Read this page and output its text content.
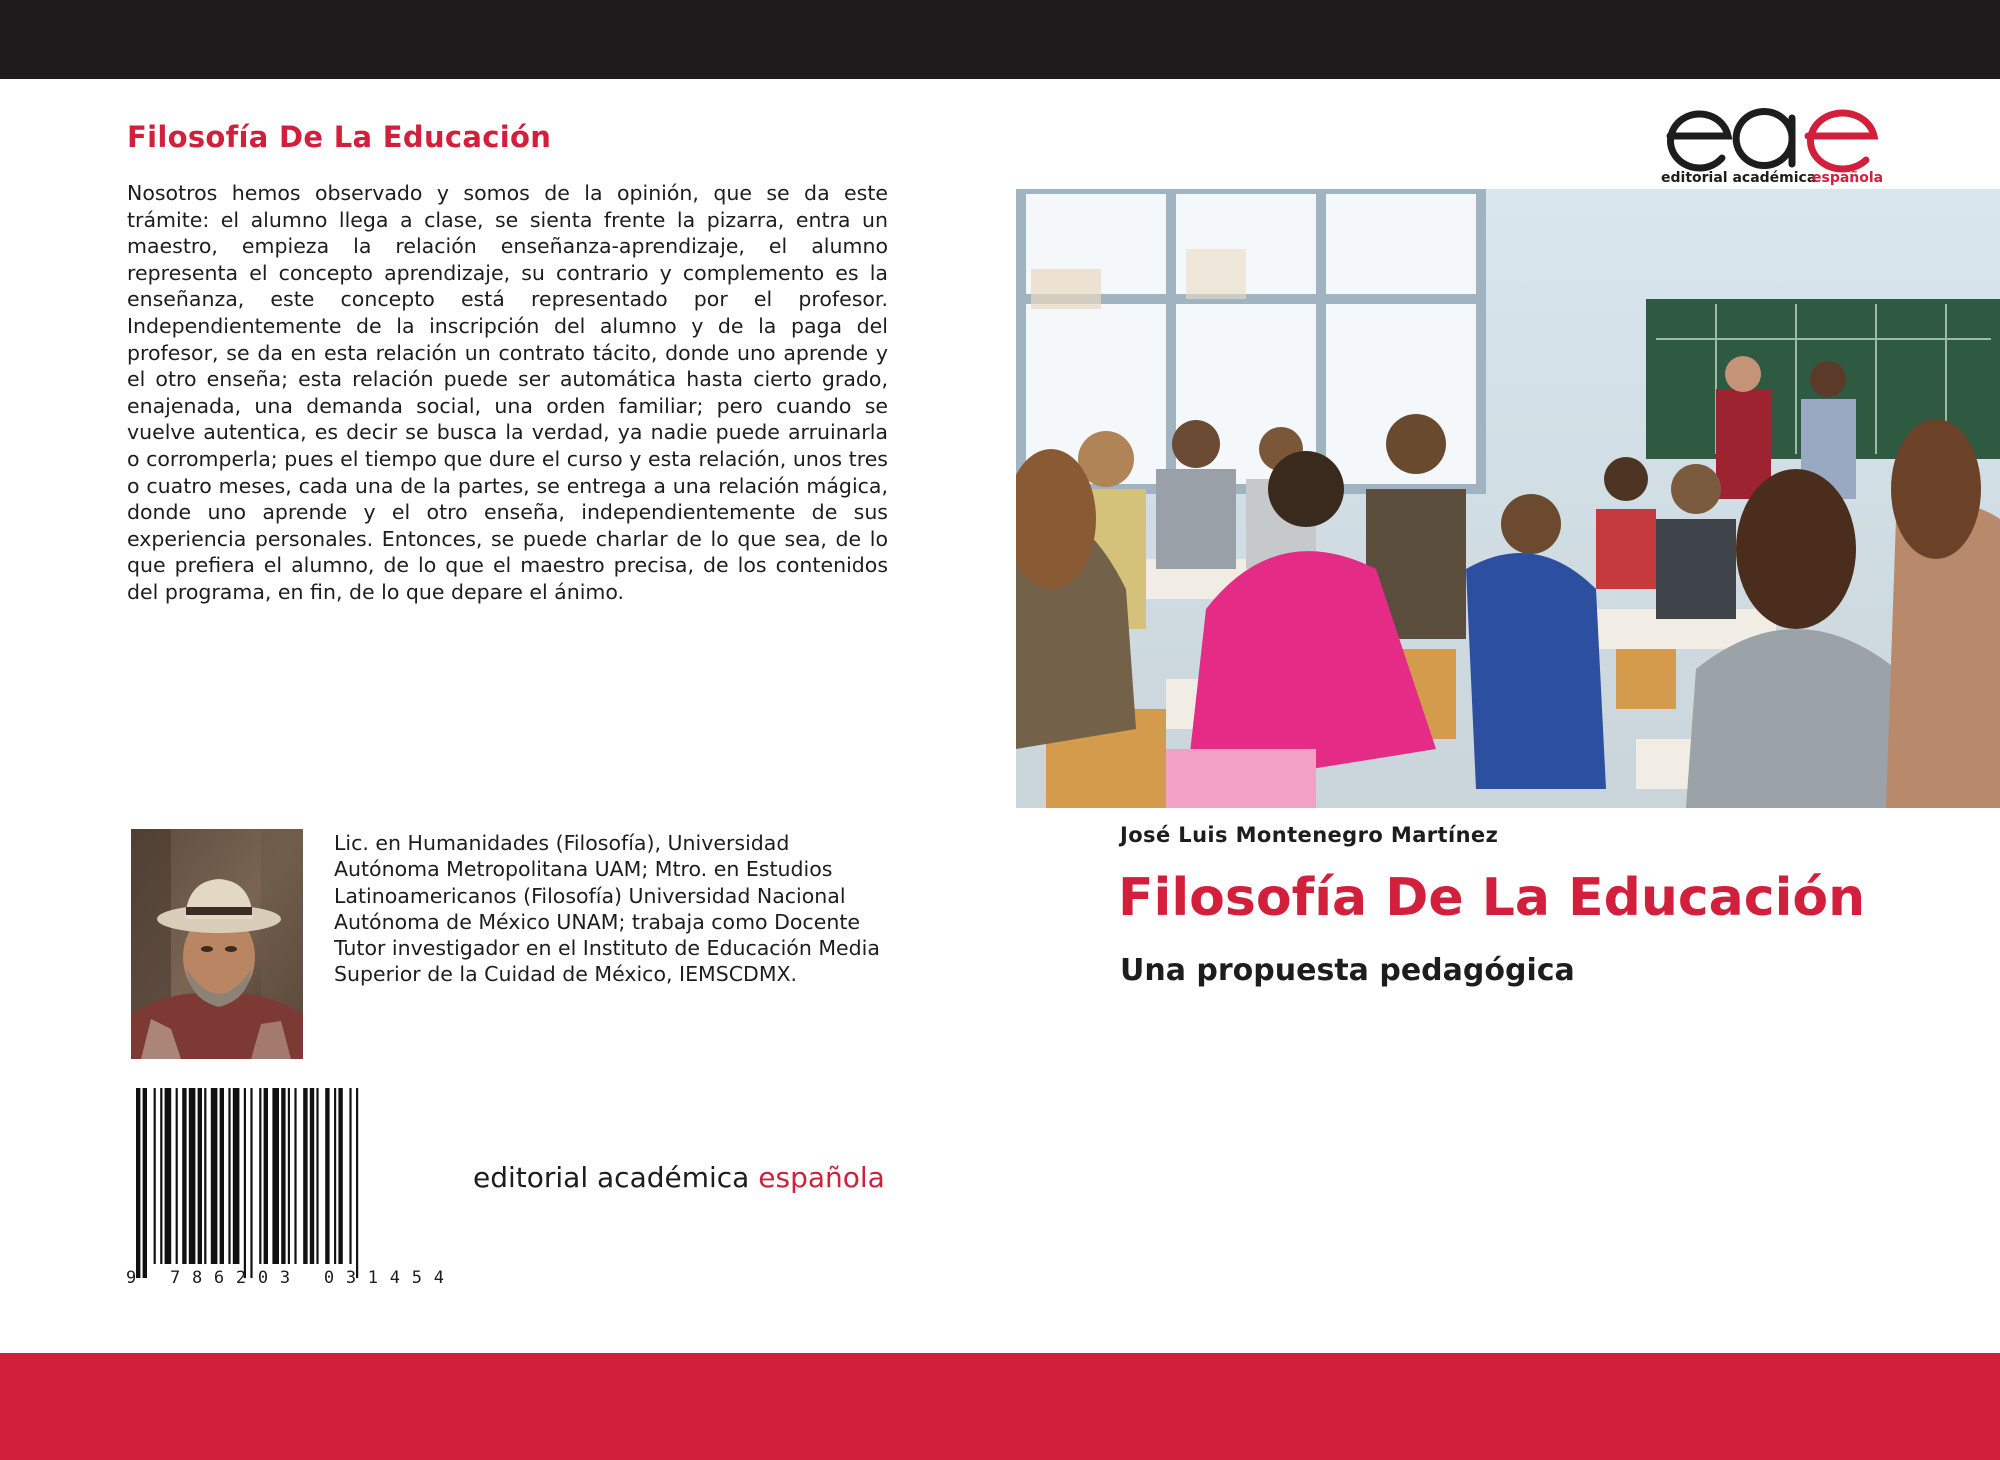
Filosofía De La Educación

Nosotros hemos observado y somos de la opinión, que se da este trámite: el alumno llega a clase, se sienta frente la pizarra, entra un maestro, empieza la relación enseñanza-aprendizaje, el alumno representa el concepto aprendizaje, su contrario y complemento es la enseñanza, este concepto está representado por el profesor. Independientemente de la inscripción del alumno y de la paga del profesor, se da en esta relación un contrato tácito, donde uno aprende y el otro enseña; esta relación puede ser automática hasta cierto grado, enajenada, una demanda social, una orden familiar; pero cuando se vuelve autentica, es decir se busca la verdad, ya nadie puede arruinarla o corromperla; pues el tiempo que dure el curso y esta relación, unos tres o cuatro meses, cada una de la partes, se entrega a una relación mágica, donde uno aprende y el otro enseña, independientemente de sus experiencia personales. Entonces, se puede charlar de lo que sea, de lo que prefiera el alumno, de lo que el maestro precisa, de los contenidos del programa, en fin, de lo que depare el ánimo.

Lic. en Humanidades (Filosofía), Universidad Autónoma Metropolitana UAM; Mtro. en Estudios Latinoamericanos (Filosofía) Universidad Nacional Autónoma de México UNAM; trabaja como Docente Tutor investigador en el Instituto de Educación Media Superior de la Cuidad de México, IEMSCDMX.

9 786203 031454
editorial académica española
editorial académica
española

José Luis Montenegro Martínez

Filosofía De La Educación

Una propuesta pedagógica
